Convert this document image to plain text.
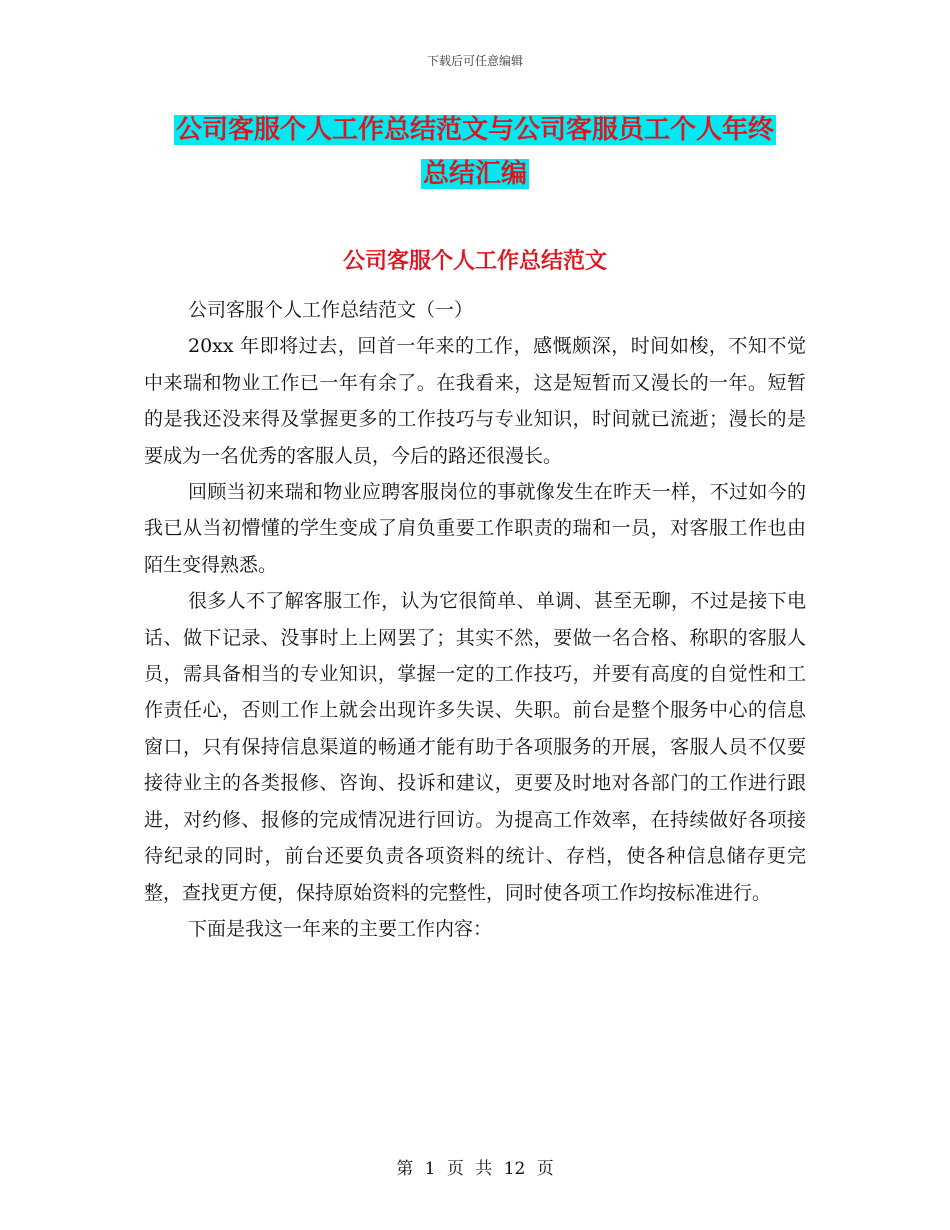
下载后可任意编辑
公司客服个人工作总结范文与公司客服员工个人年终
总结汇编
公司客服个人工作总结范文

公司客服个人工作总结范文（一）

20xx 年即将过去，回首一年来的工作，感慨颇深，时间如梭，不知不觉中来瑞和物业工作已一年有余了。在我看来，这是短暂而又漫长的一年。短暂的是我还没来得及掌握更多的工作技巧与专业知识，时间就已流逝；漫长的是要成为一名优秀的客服人员，今后的路还很漫长。

回顾当初来瑞和物业应聘客服岗位的事就像发生在昨天一样，不过如今的我已从当初懵懂的学生变成了肩负重要工作职责的瑞和一员，对客服工作也由陌生变得熟悉。

很多人不了解客服工作，认为它很简单、单调、甚至无聊，不过是接下电话、做下记录、没事时上上网罢了；其实不然，要做一名合格、称职的客服人员，需具备相当的专业知识，掌握一定的工作技巧，并要有高度的自觉性和工作责任心，否则工作上就会出现许多失误、失职。前台是整个服务中心的信息窗口，只有保持信息渠道的畅通才能有助于各项服务的开展，客服人员不仅要接待业主的各类报修、咨询、投诉和建议，更要及时地对各部门的工作进行跟进，对约修、报修的完成情况进行回访。为提高工作效率，在持续做好各项接待纪录的同时，前台还要负责各项资料的统计、存档，使各种信息储存更完整，查找更方便，保持原始资料的完整性，同时使各项工作均按标准进行。

下面是我这一年来的主要工作内容：

第 1 页 共 12 页
